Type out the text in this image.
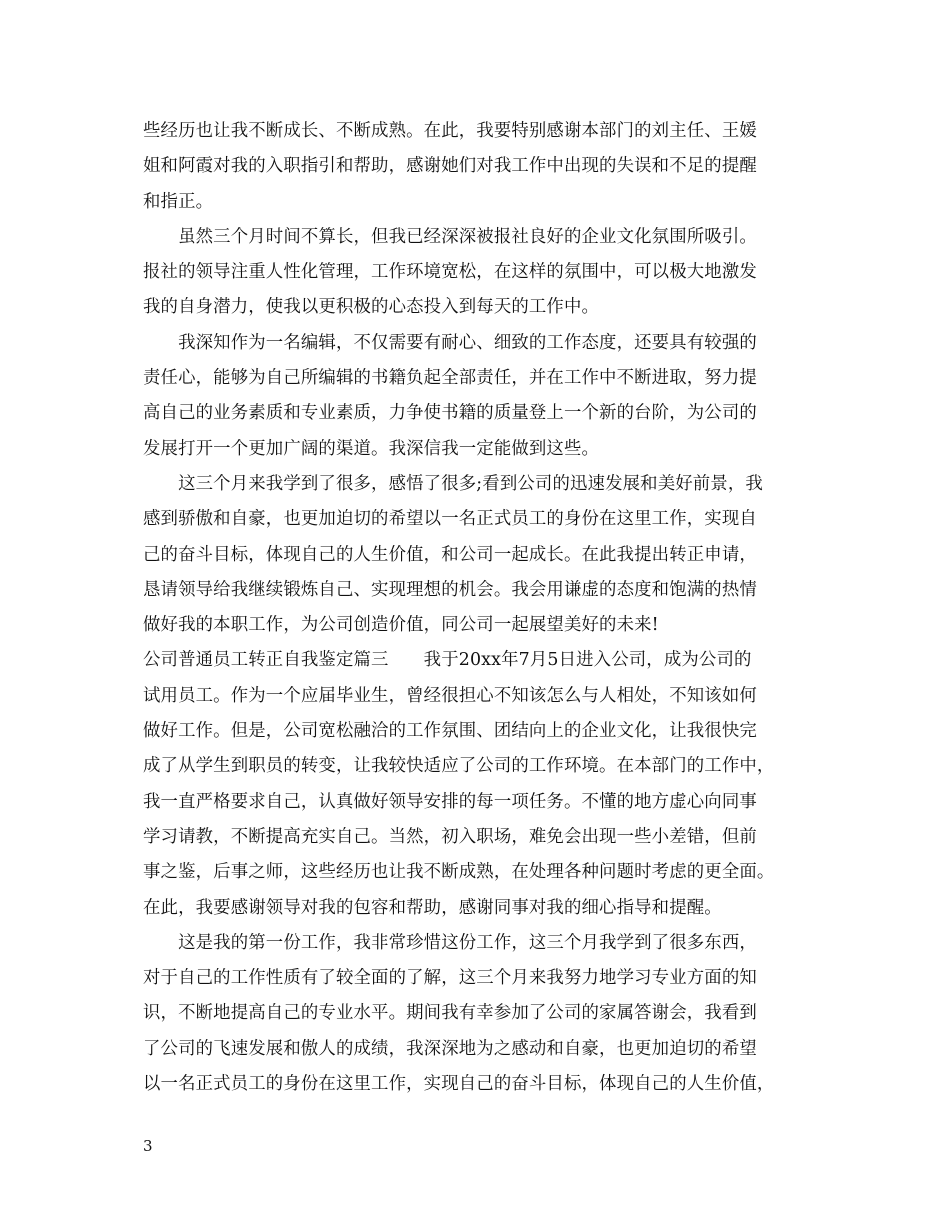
些经历也让我不断成长、不断成熟。在此，我要特别感谢本部门的刘主任、王媛
姐和阿霞对我的入职指引和帮助，感谢她们对我工作中出现的失误和不足的提醒
和指正。
　　虽然三个月时间不算长，但我已经深深被报社良好的企业文化氛围所吸引。
报社的领导注重人性化管理，工作环境宽松，在这样的氛围中，可以极大地激发
我的自身潜力，使我以更积极的心态投入到每天的工作中。
　　我深知作为一名编辑，不仅需要有耐心、细致的工作态度，还要具有较强的
责任心，能够为自己所编辑的书籍负起全部责任，并在工作中不断进取，努力提
高自己的业务素质和专业素质，力争使书籍的质量登上一个新的台阶，为公司的
发展打开一个更加广阔的渠道。我深信我一定能做到这些。
　　这三个月来我学到了很多，感悟了很多;看到公司的迅速发展和美好前景，我
感到骄傲和自豪，也更加迫切的希望以一名正式员工的身份在这里工作，实现自
己的奋斗目标，体现自己的人生价值，和公司一起成长。在此我提出转正申请，
恳请领导给我继续锻炼自己、实现理想的机会。我会用谦虚的态度和饱满的热情
做好我的本职工作，为公司创造价值，同公司一起展望美好的未来!
公司普通员工转正自我鉴定篇三　　我于20xx年7月5日进入公司，成为公司的
试用员工。作为一个应届毕业生，曾经很担心不知该怎么与人相处，不知该如何
做好工作。但是，公司宽松融洽的工作氛围、团结向上的企业文化，让我很快完
成了从学生到职员的转变，让我较快适应了公司的工作环境。在本部门的工作中，
我一直严格要求自己，认真做好领导安排的每一项任务。不懂的地方虚心向同事
学习请教，不断提高充实自己。当然，初入职场，难免会出现一些小差错，但前
事之鉴，后事之师，这些经历也让我不断成熟，在处理各种问题时考虑的更全面。
在此，我要感谢领导对我的包容和帮助，感谢同事对我的细心指导和提醒。
　　这是我的第一份工作，我非常珍惜这份工作，这三个月我学到了很多东西，
对于自己的工作性质有了较全面的了解，这三个月来我努力地学习专业方面的知
识，不断地提高自己的专业水平。期间我有幸参加了公司的家属答谢会，我看到
了公司的飞速发展和傲人的成绩，我深深地为之感动和自豪，也更加迫切的希望
以一名正式员工的身份在这里工作，实现自己的奋斗目标，体现自己的人生价值，
3
